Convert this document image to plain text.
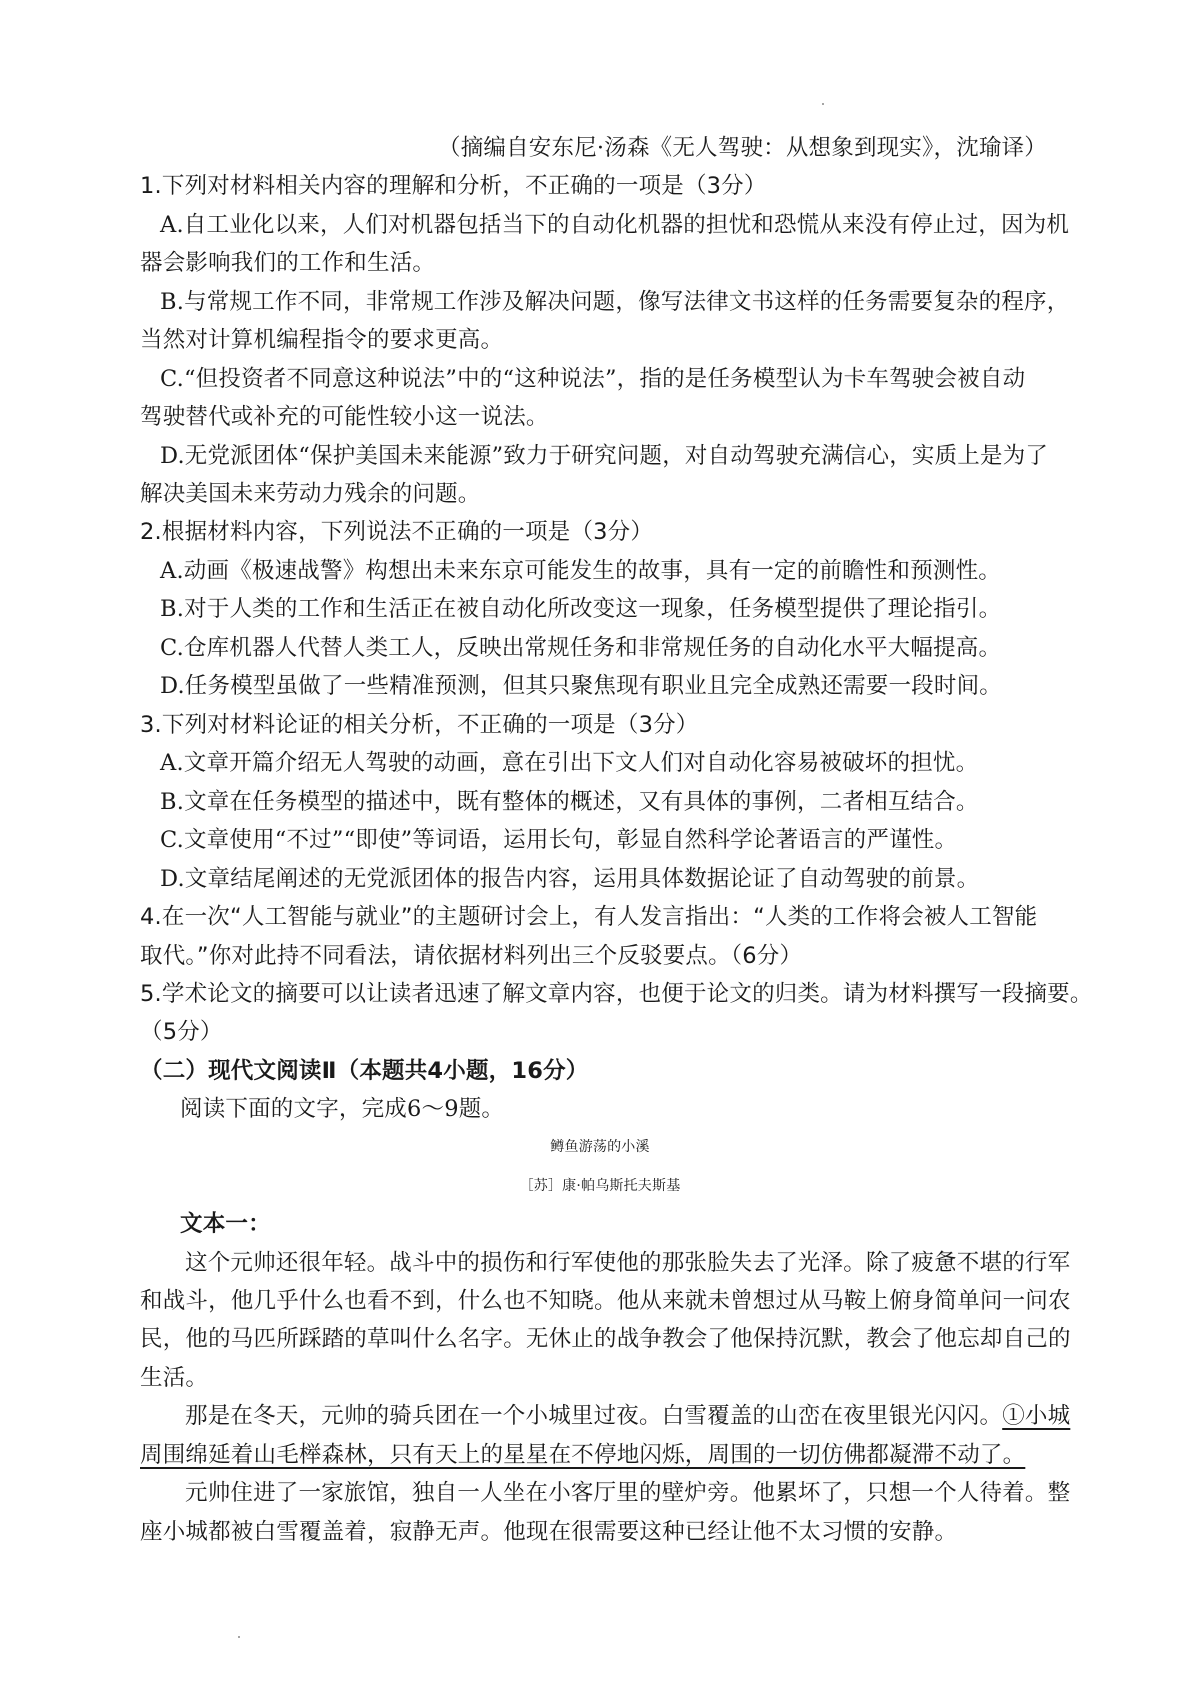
（摘编自安东尼·汤森《无人驾驶：从想象到现实》，沈瑜译）
1.下列对材料相关内容的理解和分析，不正确的一项是（3分）
A.自工业化以来，人们对机器包括当下的自动化机器的担忧和恐慌从来没有停止过，因为机
器会影响我们的工作和生活。
B.与常规工作不同，非常规工作涉及解决问题，像写法律文书这样的任务需要复杂的程序，
当然对计算机编程指令的要求更高。
C.“但投资者不同意这种说法”中的“这种说法”，指的是任务模型认为卡车驾驶会被自动
驾驶替代或补充的可能性较小这一说法。
D.无党派团体“保护美国未来能源”致力于研究问题，对自动驾驶充满信心，实质上是为了
解决美国未来劳动力残余的问题。
2.根据材料内容，下列说法不正确的一项是（3分）
A.动画《极速战警》构想出未来东京可能发生的故事，具有一定的前瞻性和预测性。
B.对于人类的工作和生活正在被自动化所改变这一现象，任务模型提供了理论指引。
C.仓库机器人代替人类工人，反映出常规任务和非常规任务的自动化水平大幅提高。
D.任务模型虽做了一些精准预测，但其只聚焦现有职业且完全成熟还需要一段时间。
3.下列对材料论证的相关分析，不正确的一项是（3分）
A.文章开篇介绍无人驾驶的动画，意在引出下文人们对自动化容易被破坏的担忧。
B.文章在任务模型的描述中，既有整体的概述，又有具体的事例，二者相互结合。
C.文章使用“不过”“即使”等词语，运用长句，彰显自然科学论著语言的严谨性。
D.文章结尾阐述的无党派团体的报告内容，运用具体数据论证了自动驾驶的前景。
4.在一次“人工智能与就业”的主题研讨会上，有人发言指出：“人类的工作将会被人工智能
取代。”你对此持不同看法，请依据材料列出三个反驳要点。（6分）
5.学术论文的摘要可以让读者迅速了解文章内容，也便于论文的归类。请为材料撰写一段摘要。
（5分）
（二）现代文阅读Ⅱ（本题共4小题，16分）
阅读下面的文字，完成6～9题。
鳟鱼游荡的小溪
［苏］康·帕乌斯托夫斯基
文本一：
这个元帅还很年轻。战斗中的损伤和行军使他的那张脸失去了光泽。除了疲惫不堪的行军
和战斗，他几乎什么也看不到，什么也不知晓。他从来就未曾想过从马鞍上俯身简单问一问农
民，他的马匹所踩踏的草叫什么名字。无休止的战争教会了他保持沉默，教会了他忘却自己的
生活。
那是在冬天，元帅的骑兵团在一个小城里过夜。白雪覆盖的山峦在夜里银光闪闪。①小城
周围绵延着山毛榉森林，只有天上的星星在不停地闪烁，周围的一切仿佛都凝滞不动了。
元帅住进了一家旅馆，独自一人坐在小客厅里的壁炉旁。他累坏了，只想一个人待着。整
座小城都被白雪覆盖着，寂静无声。他现在很需要这种已经让他不太习惯的安静。
